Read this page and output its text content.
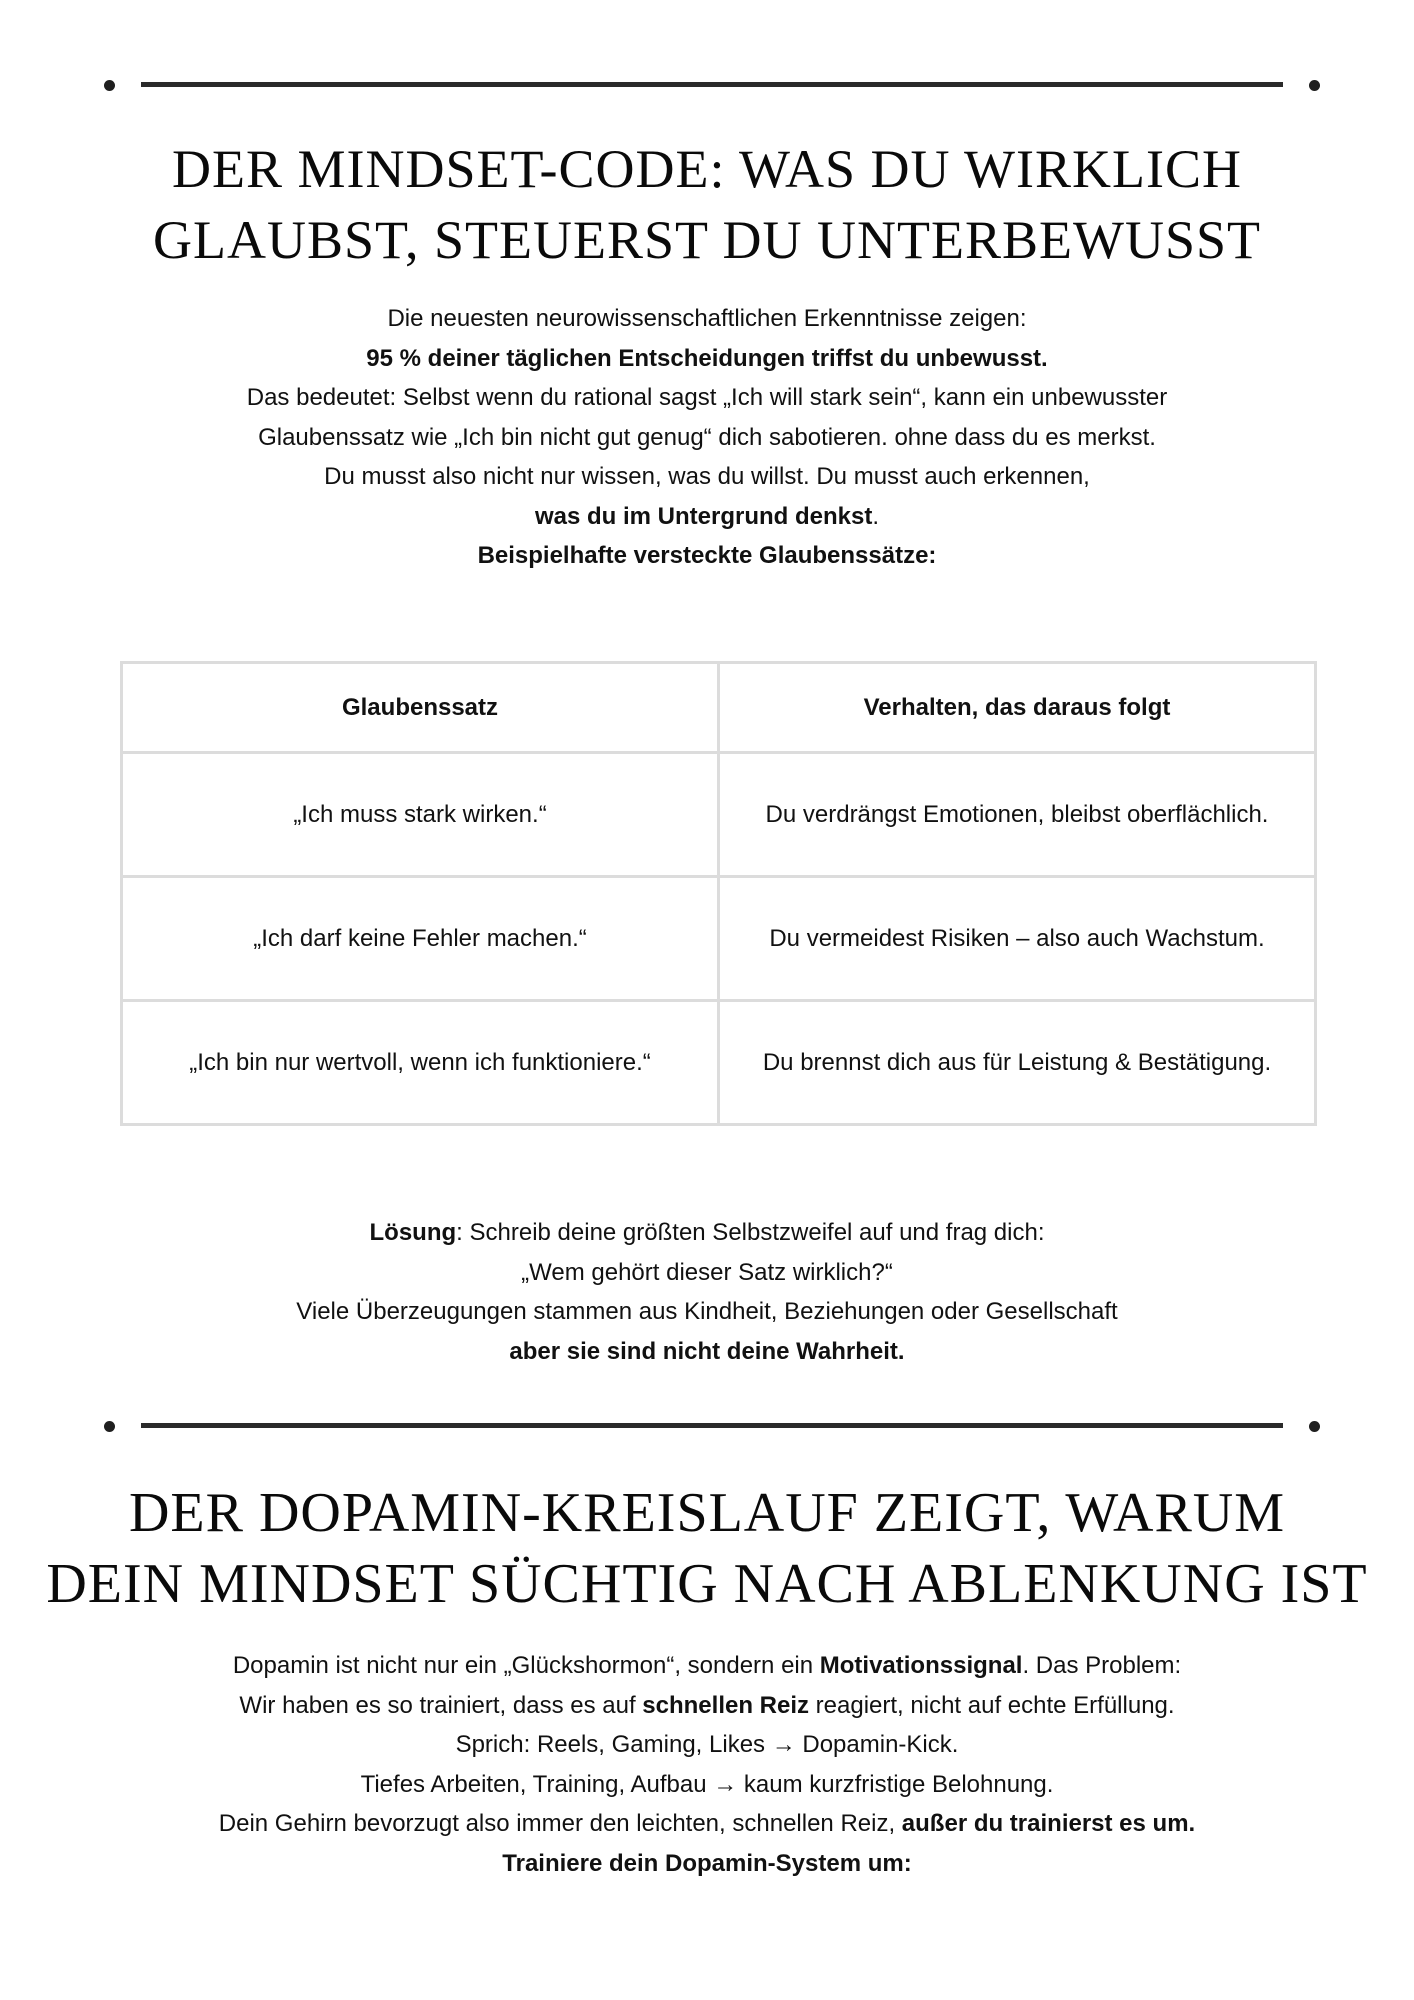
DER MINDSET-CODE: WAS DU WIRKLICH
GLAUBST, STEUERST DU UNTERBEWUSST
Die neuesten neurowissenschaftlichen Erkenntnisse zeigen:
95 % deiner täglichen Entscheidungen triffst du unbewusst.
Das bedeutet: Selbst wenn du rational sagst „Ich will stark sein“, kann ein unbewusster
Glaubenssatz wie „Ich bin nicht gut genug“ dich sabotieren. ohne dass du es merkst.
Du musst also nicht nur wissen, was du willst. Du musst auch erkennen,
was du im Untergrund denkst.
Beispielhafte versteckte Glaubenssätze:
Glaubenssatz	Verhalten, das daraus folgt
„Ich muss stark wirken.“	Du verdrängst Emotionen, bleibst oberflächlich.
„Ich darf keine Fehler machen.“	Du vermeidest Risiken – also auch Wachstum.
„Ich bin nur wertvoll, wenn ich funktioniere.“	Du brennst dich aus für Leistung & Bestätigung.
Lösung: Schreib deine größten Selbstzweifel auf und frag dich:
„Wem gehört dieser Satz wirklich?“
Viele Überzeugungen stammen aus Kindheit, Beziehungen oder Gesellschaft
aber sie sind nicht deine Wahrheit.
DER DOPAMIN-KREISLAUF ZEIGT, WARUM
DEIN MINDSET SÜCHTIG NACH ABLENKUNG IST
Dopamin ist nicht nur ein „Glückshormon“, sondern ein Motivationssignal. Das Problem:
Wir haben es so trainiert, dass es auf schnellen Reiz reagiert, nicht auf echte Erfüllung.
Sprich: Reels, Gaming, Likes → Dopamin-Kick.
Tiefes Arbeiten, Training, Aufbau → kaum kurzfristige Belohnung.
Dein Gehirn bevorzugt also immer den leichten, schnellen Reiz, außer du trainierst es um.
Trainiere dein Dopamin-System um:
